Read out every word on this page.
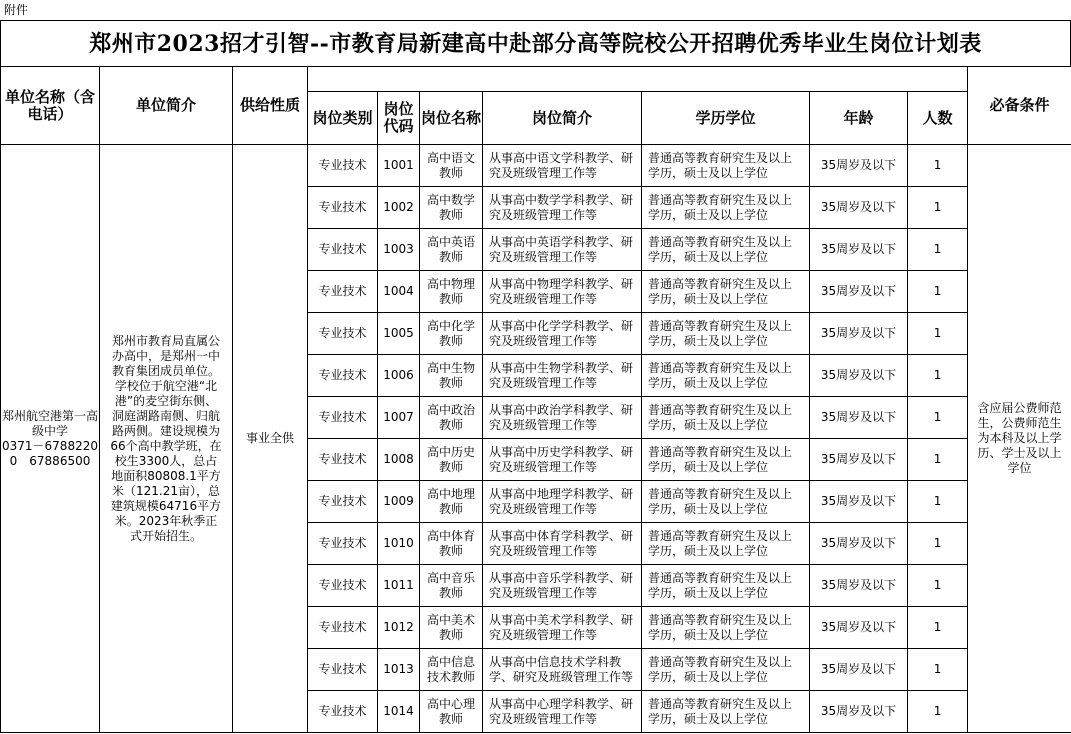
附件
郑州市2023招才引智--市教育局新建高中赴部分高等院校公开招聘优秀毕业生岗位计划表
单位名称（含电话）	单位简介	供给性质								必备条件
			岗位类别	岗位代码	岗位名称	岗位简介	学历学位	年龄	人数	

郑州航空港第一高级中学
0371－67882200　67886500	郑州市教育局直属公办高中，是郑州一中教育集团成员单位。学校位于航空港“北港”的麦空街东侧、洞庭湖路南侧、归航路两侧。建设规模为66个高中教学班，在校生3300人，总占地面积80808.1平方米（121.21亩），总建筑规模64716平方米。2023年秋季正式开始招生。	事业全供	专业技术	1001	高中语文教师	从事高中语文学科教学、研究及班级管理工作等	普通高等教育研究生及以上学历，硕士及以上学位	35周岁及以下	1	含应届公费师范生，公费师范生为本科及以上学历、学士及以上学位
			专业技术	1002	高中数学教师	从事高中数学学科教学、研究及班级管理工作等	普通高等教育研究生及以上学历，硕士及以上学位	35周岁及以下	1	
			专业技术	1003	高中英语教师	从事高中英语学科教学、研究及班级管理工作等	普通高等教育研究生及以上学历，硕士及以上学位	35周岁及以下	1	
			专业技术	1004	高中物理教师	从事高中物理学科教学、研究及班级管理工作等	普通高等教育研究生及以上学历，硕士及以上学位	35周岁及以下	1	
			专业技术	1005	高中化学教师	从事高中化学学科教学、研究及班级管理工作等	普通高等教育研究生及以上学历，硕士及以上学位	35周岁及以下	1	
			专业技术	1006	高中生物教师	从事高中生物学科教学、研究及班级管理工作等	普通高等教育研究生及以上学历，硕士及以上学位	35周岁及以下	1	
			专业技术	1007	高中政治教师	从事高中政治学科教学、研究及班级管理工作等	普通高等教育研究生及以上学历，硕士及以上学位	35周岁及以下	1	
			专业技术	1008	高中历史教师	从事高中历史学科教学、研究及班级管理工作等	普通高等教育研究生及以上学历，硕士及以上学位	35周岁及以下	1	
			专业技术	1009	高中地理教师	从事高中地理学科教学、研究及班级管理工作等	普通高等教育研究生及以上学历，硕士及以上学位	35周岁及以下	1	
			专业技术	1010	高中体育教师	从事高中体育学科教学、研究及班级管理工作等	普通高等教育研究生及以上学历，硕士及以上学位	35周岁及以下	1	
			专业技术	1011	高中音乐教师	从事高中音乐学科教学、研究及班级管理工作等	普通高等教育研究生及以上学历，硕士及以上学位	35周岁及以下	1	
			专业技术	1012	高中美术教师	从事高中美术学科教学、研究及班级管理工作等	普通高等教育研究生及以上学历，硕士及以上学位	35周岁及以下	1	
			专业技术	1013	高中信息技术教师	从事高中信息技术学科教学、研究及班级管理工作等	普通高等教育研究生及以上学历，硕士及以上学位	35周岁及以下	1	
			专业技术	1014	高中心理教师	从事高中心理学科教学、研究及班级管理工作等	普通高等教育研究生及以上学历，硕士及以上学位	35周岁及以下	1	
